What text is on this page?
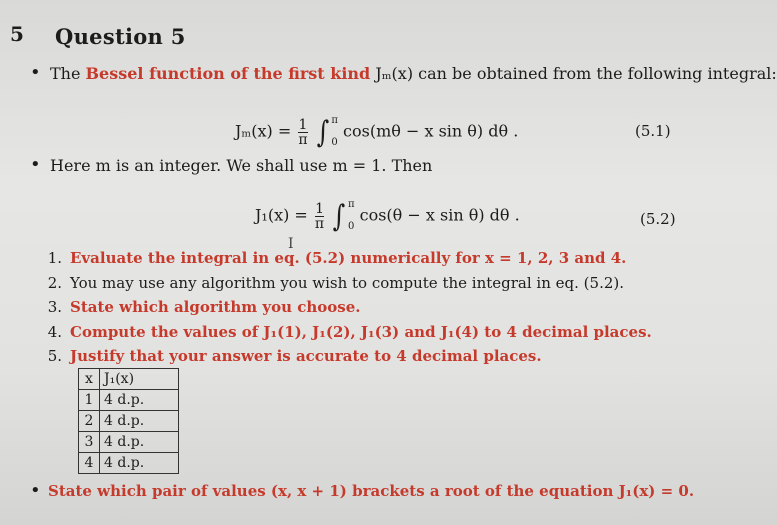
5 Question 5
• The Bessel function of the first kind Jₘ(x) can be obtained from the following integral:
$J_m(x) = \frac{1}{\pi}$ ∫ π
0
cos(mθ − x sin θ) dθ .	(5.1)
• Here m is an integer. We shall use m = 1. Then
$J_1(x) = \frac{1}{\pi}$ ∫ π
0
cos(θ − x sin θ) dθ .	(5.2)
I
1. Evaluate the integral in eq. (5.2) numerically for x = 1, 2, 3 and 4.
2. You may use any algorithm you wish to compute the integral in eq. (5.2).
3. State which algorithm you choose.
4. Compute the values of J₁(1), J₁(2), J₁(3) and J₁(4) to 4 decimal places.
5. Justify that your answer is accurate to 4 decimal places.
x	J₁(x)
1	4 d.p.
2	4 d.p.
3	4 d.p.
4	4 d.p.
• State which pair of values (x, x + 1) brackets a root of the equation J₁(x) = 0.
